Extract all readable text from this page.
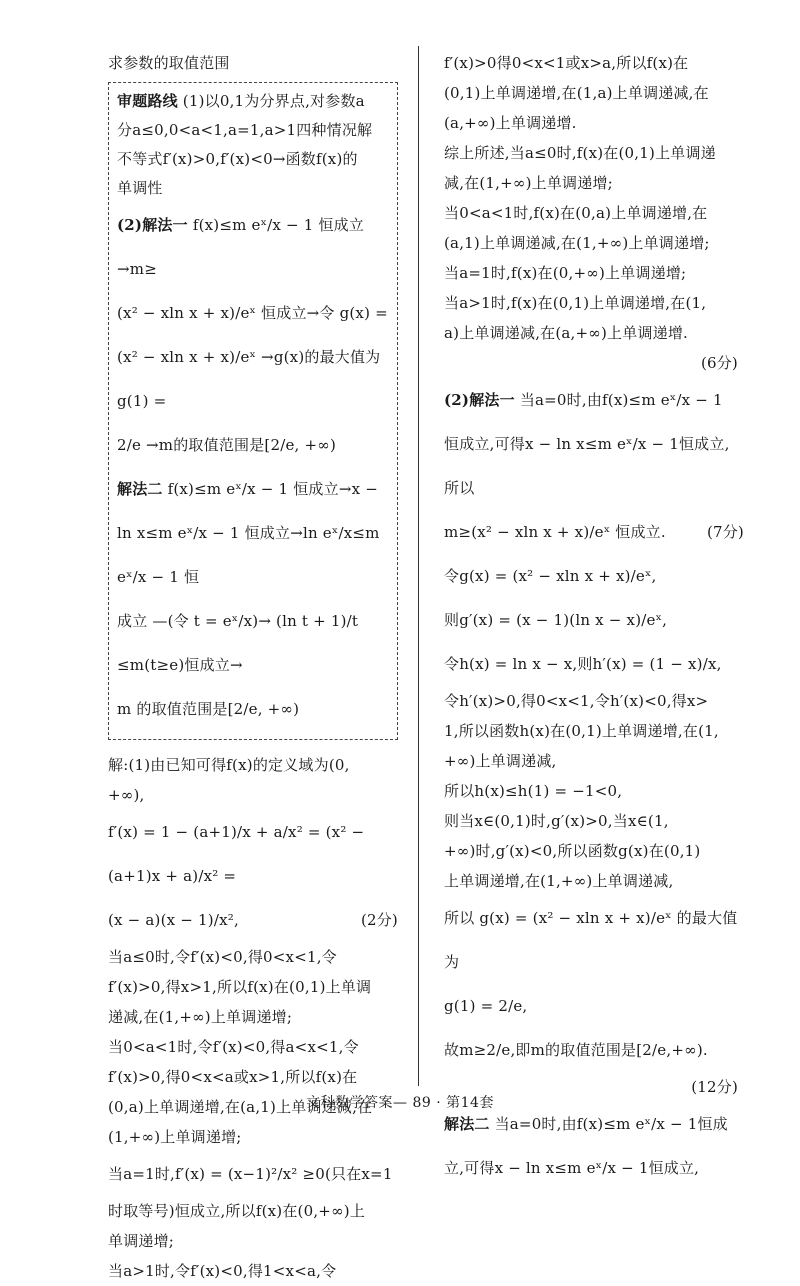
求参数的取值范围
审题路线 (1)以0,1为分界点,对参数a
分a≤0,0<a<1,a=1,a>1四种情况解
不等式f′(x)>0,f′(x)<0→函数f(x)的
单调性
(2)解法一 f(x)≤m eˣ/x − 1 恒成立→m≥
(x² − xln x + x)/eˣ 恒成立→令 g(x) =
(x² − xln x + x)/eˣ →g(x)的最大值为g(1) =
2/e →m的取值范围是[2/e, +∞)
解法二 f(x)≤m eˣ/x − 1 恒成立→x −
ln x≤m eˣ/x − 1 恒成立→ln eˣ/x≤m eˣ/x − 1 恒
成立 —(令 t = eˣ/x)→ (ln t + 1)/t ≤m(t≥e)恒成立→
m 的取值范围是[2/e, +∞)
解:(1)由已知可得f(x)的定义域为(0,
+∞),
f′(x) = 1 − (a+1)/x + a/x² = (x² − (a+1)x + a)/x² =
(x − a)(x − 1)/x²,	(2分)
当a≤0时,令f′(x)<0,得0<x<1,令
f′(x)>0,得x>1,所以f(x)在(0,1)上单调
递减,在(1,+∞)上单调递增;
当0<a<1时,令f′(x)<0,得a<x<1,令
f′(x)>0,得0<x<a或x>1,所以f(x)在
(0,a)上单调递增,在(a,1)上单调递减,在
(1,+∞)上单调递增;
当a=1时,f′(x) = (x−1)²/x² ≥0(只在x=1
时取等号)恒成立,所以f(x)在(0,+∞)上
单调递增;
当a>1时,令f′(x)<0,得1<x<a,令
f′(x)>0得0<x<1或x>a,所以f(x)在
(0,1)上单调递增,在(1,a)上单调递减,在
(a,+∞)上单调递增.
综上所述,当a≤0时,f(x)在(0,1)上单调递
减,在(1,+∞)上单调递增;
当0<a<1时,f(x)在(0,a)上单调递增,在
(a,1)上单调递减,在(1,+∞)上单调递增;
当a=1时,f(x)在(0,+∞)上单调递增;
当a>1时,f(x)在(0,1)上单调递增,在(1,
a)上单调递减,在(a,+∞)上单调递增.
(6分)
(2)解法一 当a=0时,由f(x)≤m eˣ/x − 1
恒成立,可得x − ln x≤m eˣ/x − 1恒成立,所以
m≥(x² − xln x + x)/eˣ 恒成立.	(7分)
令g(x) = (x² − xln x + x)/eˣ,
则g′(x) = (x − 1)(ln x − x)/eˣ,
令h(x) = ln x − x,则h′(x) = (1 − x)/x,
令h′(x)>0,得0<x<1,令h′(x)<0,得x>
1,所以函数h(x)在(0,1)上单调递增,在(1,
+∞)上单调递减,
所以h(x)≤h(1) = −1<0,
则当x∈(0,1)时,g′(x)>0,当x∈(1,
+∞)时,g′(x)<0,所以函数g(x)在(0,1)
上单调递增,在(1,+∞)上单调递减,
所以 g(x) = (x² − xln x + x)/eˣ 的最大值为
g(1) = 2/e,
故m≥2/e,即m的取值范围是[2/e,+∞).
(12分)
解法二 当a=0时,由f(x)≤m eˣ/x − 1恒成
立,可得x − ln x≤m eˣ/x − 1恒成立,
文科数学答案— 89 · 第14套
